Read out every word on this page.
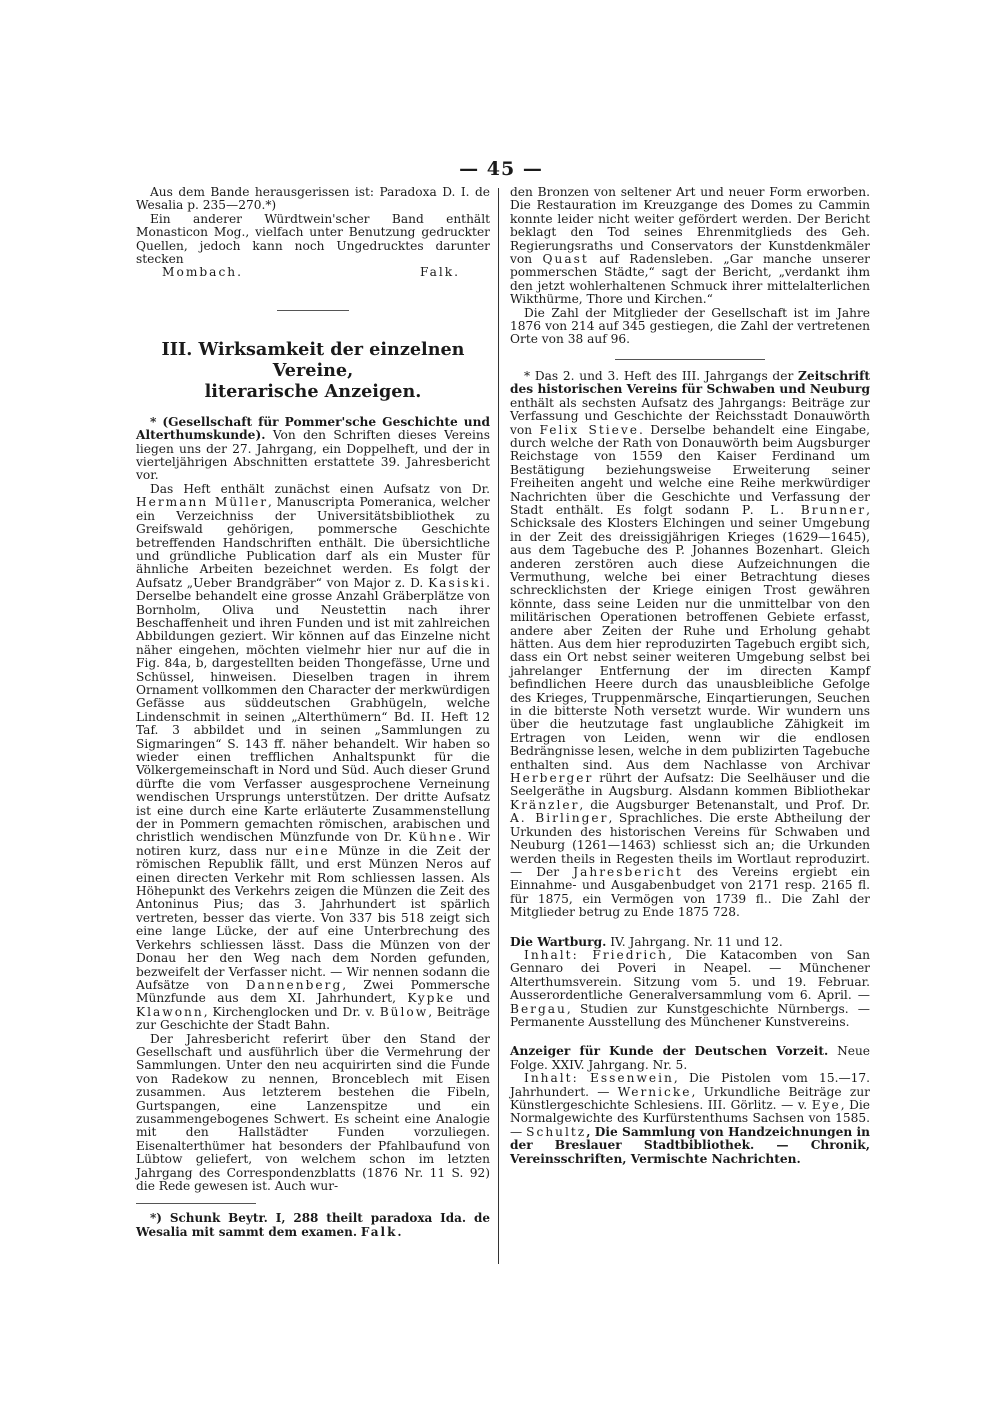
— 45 —

Aus dem Bande herausgerissen ist: Paradoxa D. I. de Wesalia p. 235—270.*)

Ein anderer Würdtwein'scher Band enthält Monasticon Mog., vielfach unter Benutzung gedruckter Quellen, jedoch kann noch Ungedrucktes darunter stecken

Mombach.	Falk.

III. Wirksamkeit der einzelnen Vereine,
literarische Anzeigen.

* (Gesellschaft für Pommer'sche Geschichte und Alterthumskunde). Von den Schriften dieses Vereins liegen uns der 27. Jahrgang, ein Doppelheft, und der in vierteljährigen Abschnitten erstattete 39. Jahresbericht vor.

Das Heft enthält zunächst einen Aufsatz von Dr. Hermann Müller, Manuscripta Pomeranica, welcher ein Verzeichniss der Universitätsbibliothek zu Greifswald gehörigen, pommersche Geschichte betreffenden Handschriften enthält. Die übersichtliche und gründliche Publication darf als ein Muster für ähnliche Arbeiten bezeichnet werden. Es folgt der Aufsatz „Ueber Brandgräber“ von Major z. D. Kasiski. Derselbe behandelt eine grosse Anzahl Gräberplätze von Bornholm, Oliva und Neustettin nach ihrer Beschaffenheit und ihren Funden und ist mit zahlreichen Abbildungen geziert. Wir können auf das Einzelne nicht näher eingehen, möchten vielmehr hier nur auf die in Fig. 84a, b, dargestellten beiden Thongefässe, Urne und Schüssel, hinweisen. Dieselben tragen in ihrem Ornament vollkommen den Character der merkwürdigen Gefässe aus süddeutschen Grabhügeln, welche Lindenschmit in seinen „Alterthümern“ Bd. II. Heft 12 Taf. 3 abbildet und in seinen „Sammlungen zu Sigmaringen“ S. 143 ff. näher behandelt. Wir haben so wieder einen trefflichen Anhaltspunkt für die Völkergemeinschaft in Nord und Süd. Auch dieser Grund dürfte die vom Verfasser ausgesprochene Verneinung wendischen Ursprungs unterstützen. Der dritte Aufsatz ist eine durch eine Karte erläuterte Zusammenstellung der in Pommern gemachten römischen, arabischen und christlich wendischen Münzfunde von Dr. Kühne. Wir notiren kurz, dass nur eine Münze in die Zeit der römischen Republik fällt, und erst Münzen Neros auf einen directen Verkehr mit Rom schliessen lassen. Als Höhepunkt des Verkehrs zeigen die Münzen die Zeit des Antoninus Pius; das 3. Jahrhundert ist spärlich vertreten, besser das vierte. Von 337 bis 518 zeigt sich eine lange Lücke, der auf eine Unterbrechung des Verkehrs schliessen lässt. Dass die Münzen von der Donau her den Weg nach dem Norden gefunden, bezweifelt der Verfasser nicht. — Wir nennen sodann die Aufsätze von Dannenberg, Zwei Pommersche Münzfunde aus dem XI. Jahrhundert, Kypke und Klawonn, Kirchenglocken und Dr. v. Bülow, Beiträge zur Geschichte der Stadt Bahn.

Der Jahresbericht referirt über den Stand der Gesellschaft und ausführlich über die Vermehrung der Sammlungen. Unter den neu acquirirten sind die Funde von Radekow zu nennen, Bronceblech mit Eisen zusammen. Aus letzterem bestehen die Fibeln, Gurtspangen, eine Lanzenspitze und ein zusammengebogenes Schwert. Es scheint eine Analogie mit den Hallstädter Funden vorzuliegen. Eisenalterthümer hat besonders der Pfahlbaufund von Lübtow geliefert, von welchem schon im letzten Jahrgang des Correspondenzblatts (1876 Nr. 11 S. 92) die Rede gewesen ist. Auch wur-

*) Schunk Beytr. I, 288 theilt paradoxa Ida. de Wesalia mit sammt dem examen. Falk.

den Bronzen von seltener Art und neuer Form erworben. Die Restauration im Kreuzgange des Domes zu Cammin konnte leider nicht weiter gefördert werden. Der Bericht beklagt den Tod seines Ehrenmitglieds des Geh. Regierungsraths und Conservators der Kunstdenkmäler von Quast auf Radensleben. „Gar manche unserer pommerschen Städte,“ sagt der Bericht, „verdankt ihm den jetzt wohlerhaltenen Schmuck ihrer mittelalterlichen Wikthürme, Thore und Kirchen.“

Die Zahl der Mitglieder der Gesellschaft ist im Jahre 1876 von 214 auf 345 gestiegen, die Zahl der vertretenen Orte von 38 auf 96.

* Das 2. und 3. Heft des III. Jahrgangs der Zeitschrift des historischen Vereins für Schwaben und Neuburg enthält als sechsten Aufsatz des Jahrgangs: Beiträge zur Verfassung und Geschichte der Reichsstadt Donauwörth von Felix Stieve. Derselbe behandelt eine Eingabe, durch welche der Rath von Donauwörth beim Augsburger Reichstage von 1559 den Kaiser Ferdinand um Bestätigung beziehungsweise Erweiterung seiner Freiheiten angeht und welche eine Reihe merkwürdiger Nachrichten über die Geschichte und Verfassung der Stadt enthält. Es folgt sodann P. L. Brunner, Schicksale des Klosters Elchingen und seiner Umgebung in der Zeit des dreissigjährigen Krieges (1629—1645), aus dem Tagebuche des P. Johannes Bozenhart. Gleich anderen zerstören auch diese Aufzeichnungen die Vermuthung, welche bei einer Betrachtung dieses schrecklichsten der Kriege einigen Trost gewähren könnte, dass seine Leiden nur die unmittelbar von den militärischen Operationen betroffenen Gebiete erfasst, andere aber Zeiten der Ruhe und Erholung gehabt hätten. Aus dem hier reproduzirten Tagebuch ergibt sich, dass ein Ort nebst seiner weiteren Umgebung selbst bei jahrelanger Entfernung der im directen Kampf befindlichen Heere durch das unausbleibliche Gefolge des Krieges, Truppenmärsche, Einqartierungen, Seuchen in die bitterste Noth versetzt wurde. Wir wundern uns über die heutzutage fast unglaubliche Zähigkeit im Ertragen von Leiden, wenn wir die endlosen Bedrängnisse lesen, welche in dem publizirten Tagebuche enthalten sind. Aus dem Nachlasse von Archivar Herberger rührt der Aufsatz: Die Seelhäuser und die Seelgeräthe in Augsburg. Alsdann kommen Bibliothekar Kränzler, die Augsburger Betenanstalt, und Prof. Dr. A. Birlinger, Sprachliches. Die erste Abtheilung der Urkunden des historischen Vereins für Schwaben und Neuburg (1261—1463) schliesst sich an; die Urkunden werden theils in Regesten theils im Wortlaut reproduzirt. — Der Jahresbericht des Vereins ergiebt ein Einnahme- und Ausgabenbudget von 2171 resp. 2165 fl. für 1875, ein Vermögen von 1739 fl.. Die Zahl der Mitglieder betrug zu Ende 1875 728.

Die Wartburg. IV. Jahrgang. Nr. 11 und 12.

Inhalt: Friedrich, Die Katacomben von San Gennaro dei Poveri in Neapel. — Münchener Alterthumsverein. Sitzung vom 5. und 19. Februar. Ausserordentliche Generalversammlung vom 6. April. — Bergau, Studien zur Kunstgeschichte Nürnbergs. — Permanente Ausstellung des Münchener Kunstvereins.

Anzeiger für Kunde der Deutschen Vorzeit. Neue Folge. XXIV. Jahrgang. Nr. 5.

Inhalt: Essenwein, Die Pistolen vom 15.—17. Jahrhundert. — Wernicke, Urkundliche Beiträge zur Künstlergeschichte Schlesiens. III. Görlitz. — v. Eye, Die Normalgewichte des Kurfürstenthums Sachsen von 1585. — Schultz, Die Sammlung von Handzeichnungen in der Breslauer Stadtbibliothek. — Chronik, Vereinsschriften, Vermischte Nachrichten.
